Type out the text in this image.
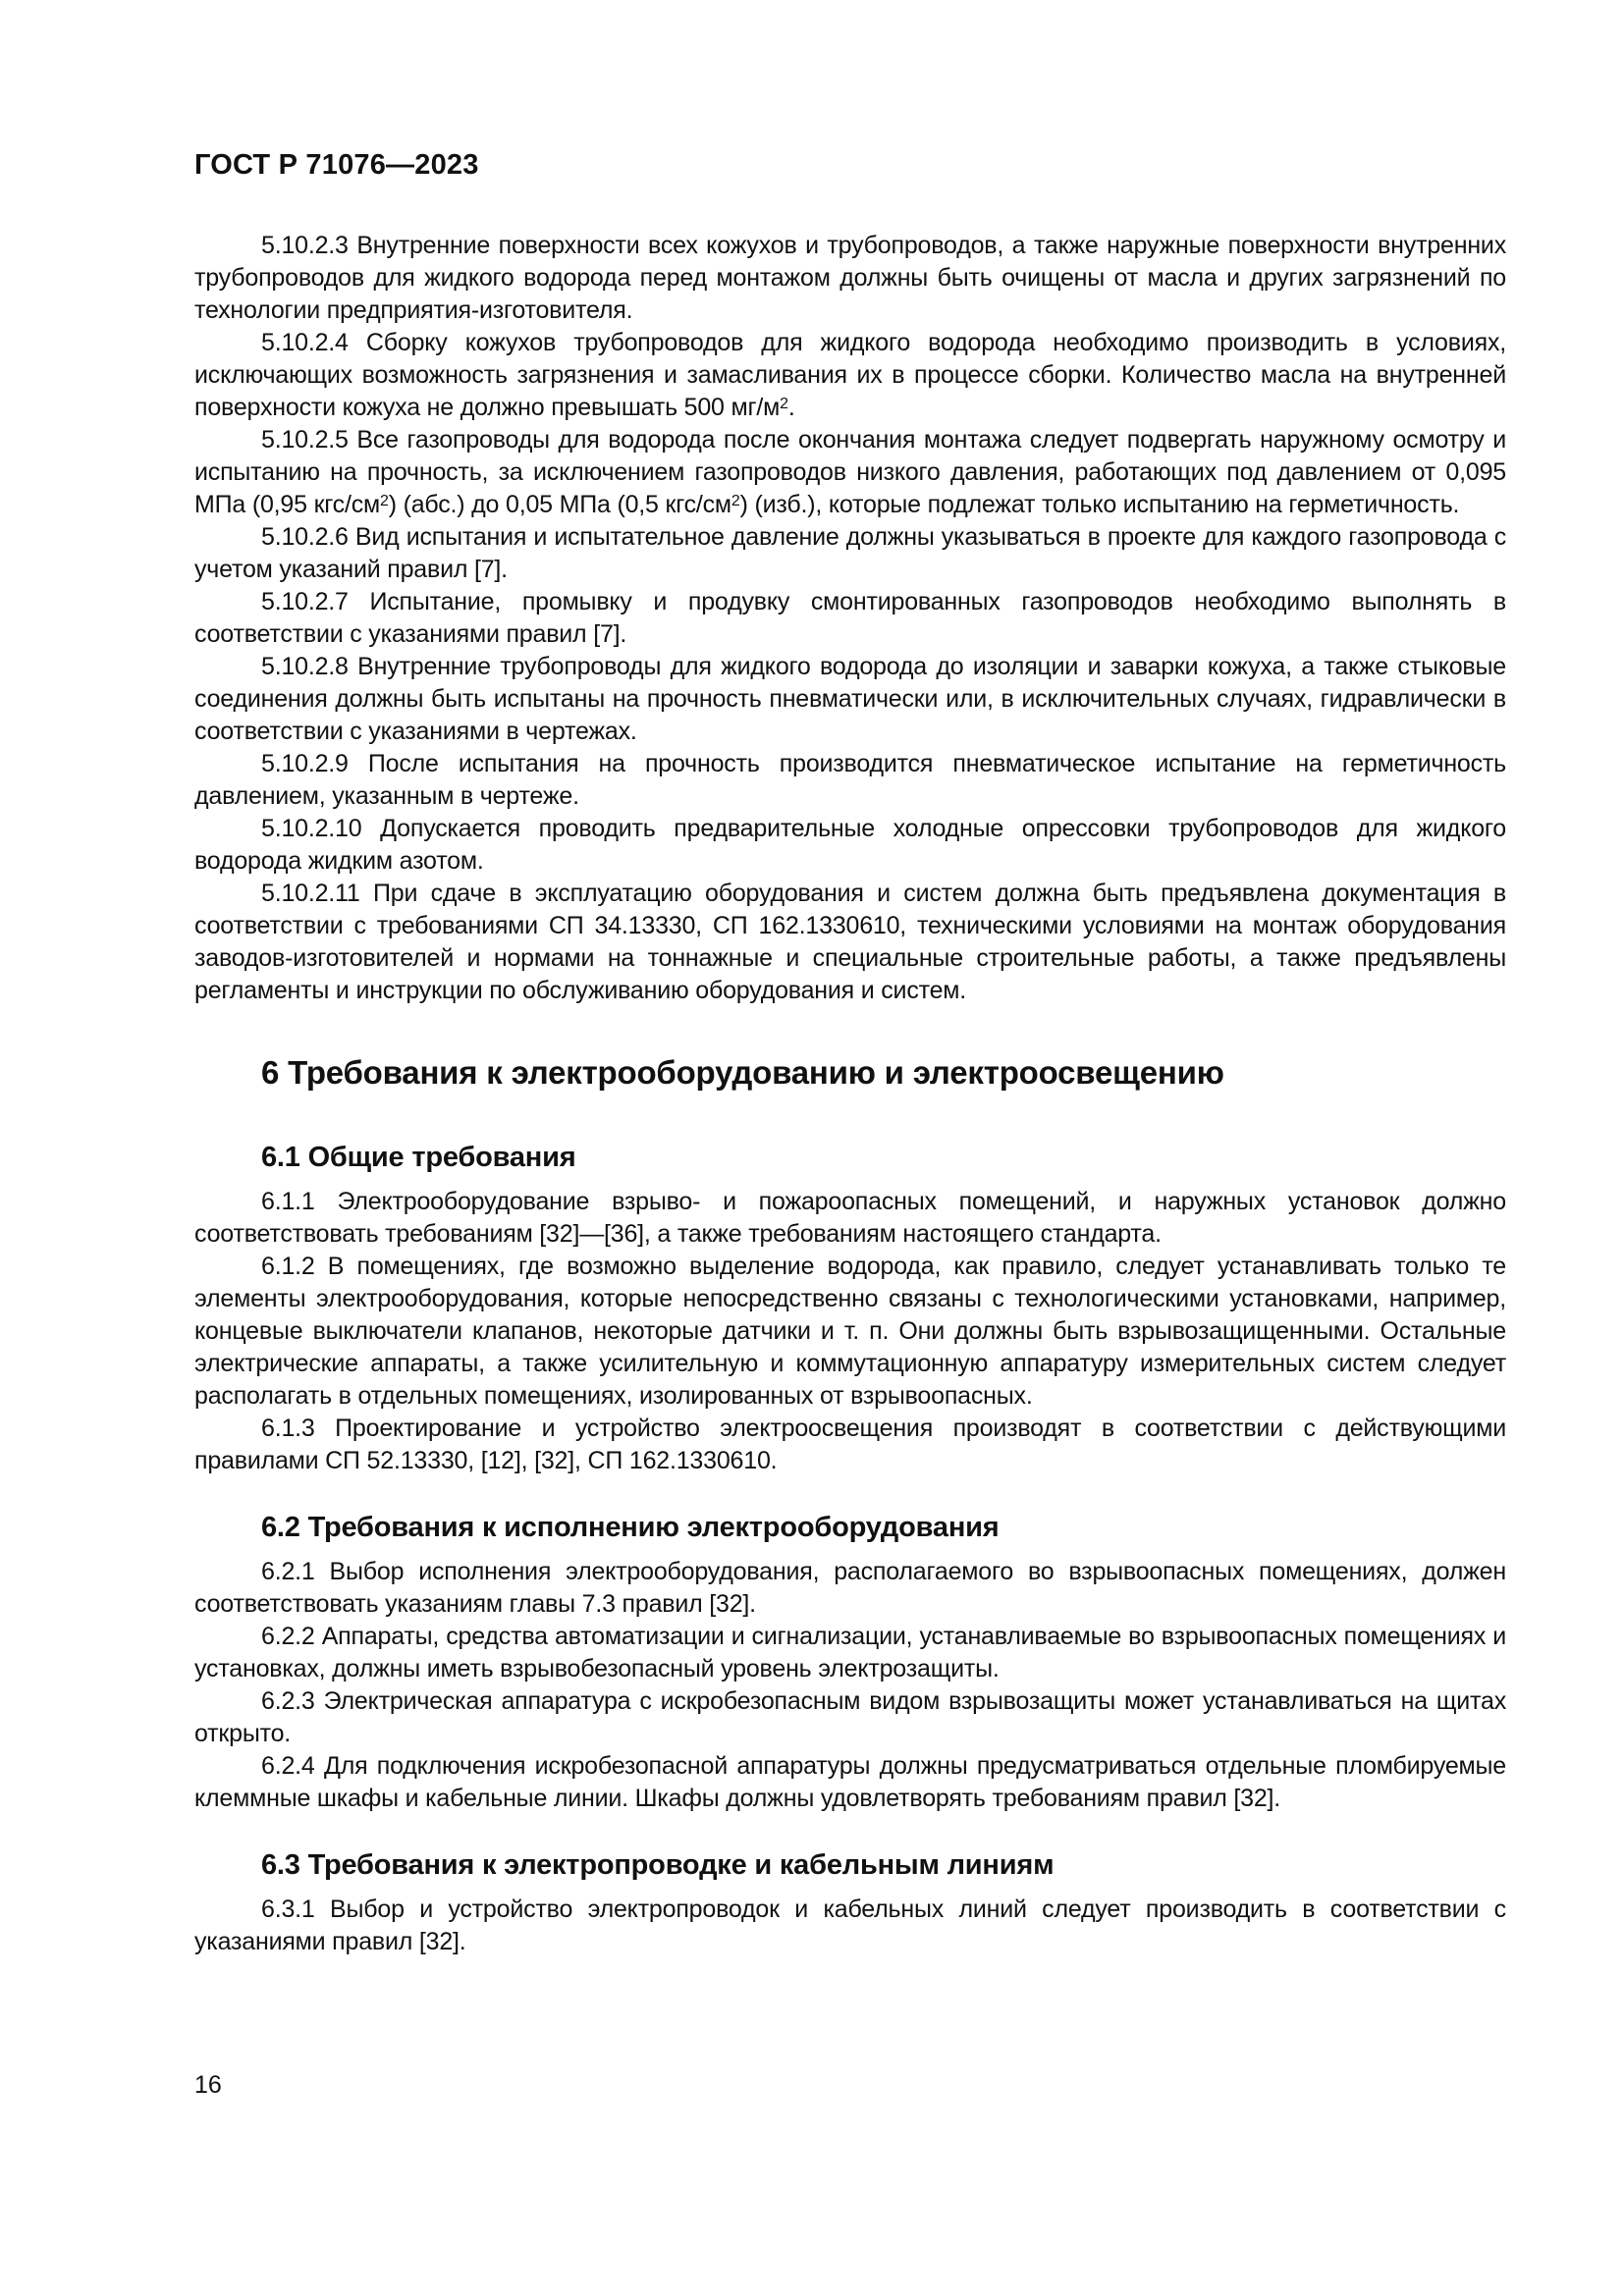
ГОСТ Р 71076—2023

5.10.2.3 Внутренние поверхности всех кожухов и трубопроводов, а также наружные поверхности внутренних трубопроводов для жидкого водорода перед монтажом должны быть очищены от масла и других загрязнений по технологии предприятия-изготовителя.

5.10.2.4 Сборку кожухов трубопроводов для жидкого водорода необходимо производить в условиях, исключающих возможность загрязнения и замасливания их в процессе сборки. Количество масла на внутренней поверхности кожуха не должно превышать 500 $мг/м^2$.

5.10.2.5 Все газопроводы для водорода после окончания монтажа следует подвергать наружному осмотру и испытанию на прочность, за исключением газопроводов низкого давления, работающих под давлением от 0,095 МПа (0,95 кгс/$см^2$) (абс.) до 0,05 МПа (0,5 кгс/$см^2$) (изб.), которые подлежат только испытанию на герметичность.

5.10.2.6 Вид испытания и испытательное давление должны указываться в проекте для каждого газопровода с учетом указаний правил [7].

5.10.2.7 Испытание, промывку и продувку смонтированных газопроводов необходимо выполнять в соответствии с указаниями правил [7].

5.10.2.8 Внутренние трубопроводы для жидкого водорода до изоляции и заварки кожуха, а также стыковые соединения должны быть испытаны на прочность пневматически или, в исключительных случаях, гидравлически в соответствии с указаниями в чертежах.

5.10.2.9 После испытания на прочность производится пневматическое испытание на герметичность давлением, указанным в чертеже.

5.10.2.10 Допускается проводить предварительные холодные опрессовки трубопроводов для жидкого водорода жидким азотом.

5.10.2.11 При сдаче в эксплуатацию оборудования и систем должна быть предъявлена документация в соответствии с требованиями СП 34.13330, СП 162.1330610, техническими условиями на монтаж оборудования заводов-изготовителей и нормами на тоннажные и специальные строительные работы, а также предъявлены регламенты и инструкции по обслуживанию оборудования и систем.

6 Требования к электрооборудованию и электроосвещению
6.1 Общие требования

6.1.1 Электрооборудование взрыво- и пожароопасных помещений, и наружных установок должно соответствовать требованиям [32]—[36], а также требованиям настоящего стандарта.

6.1.2 В помещениях, где возможно выделение водорода, как правило, следует устанавливать только те элементы электрооборудования, которые непосредственно связаны с технологическими установками, например, концевые выключатели клапанов, некоторые датчики и т. п. Они должны быть взрывозащищенными. Остальные электрические аппараты, а также усилительную и коммутационную аппаратуру измерительных систем следует располагать в отдельных помещениях, изолированных от взрывоопасных.

6.1.3 Проектирование и устройство электроосвещения производят в соответствии с действующими правилами СП 52.13330, [12], [32], СП 162.1330610.

6.2 Требования к исполнению электрооборудования

6.2.1 Выбор исполнения электрооборудования, располагаемого во взрывоопасных помещениях, должен соответствовать указаниям главы 7.3 правил [32].

6.2.2 Аппараты, средства автоматизации и сигнализации, устанавливаемые во взрывоопасных помещениях и установках, должны иметь взрывобезопасный уровень электрозащиты.

6.2.3 Электрическая аппаратура с искробезопасным видом взрывозащиты может устанавливаться на щитах открыто.

6.2.4 Для подключения искробезопасной аппаратуры должны предусматриваться отдельные пломбируемые клеммные шкафы и кабельные линии. Шкафы должны удовлетворять требованиям правил [32].

6.3 Требования к электропроводке и кабельным линиям

6.3.1 Выбор и устройство электропроводок и кабельных линий следует производить в соответствии с указаниями правил [32].

16
